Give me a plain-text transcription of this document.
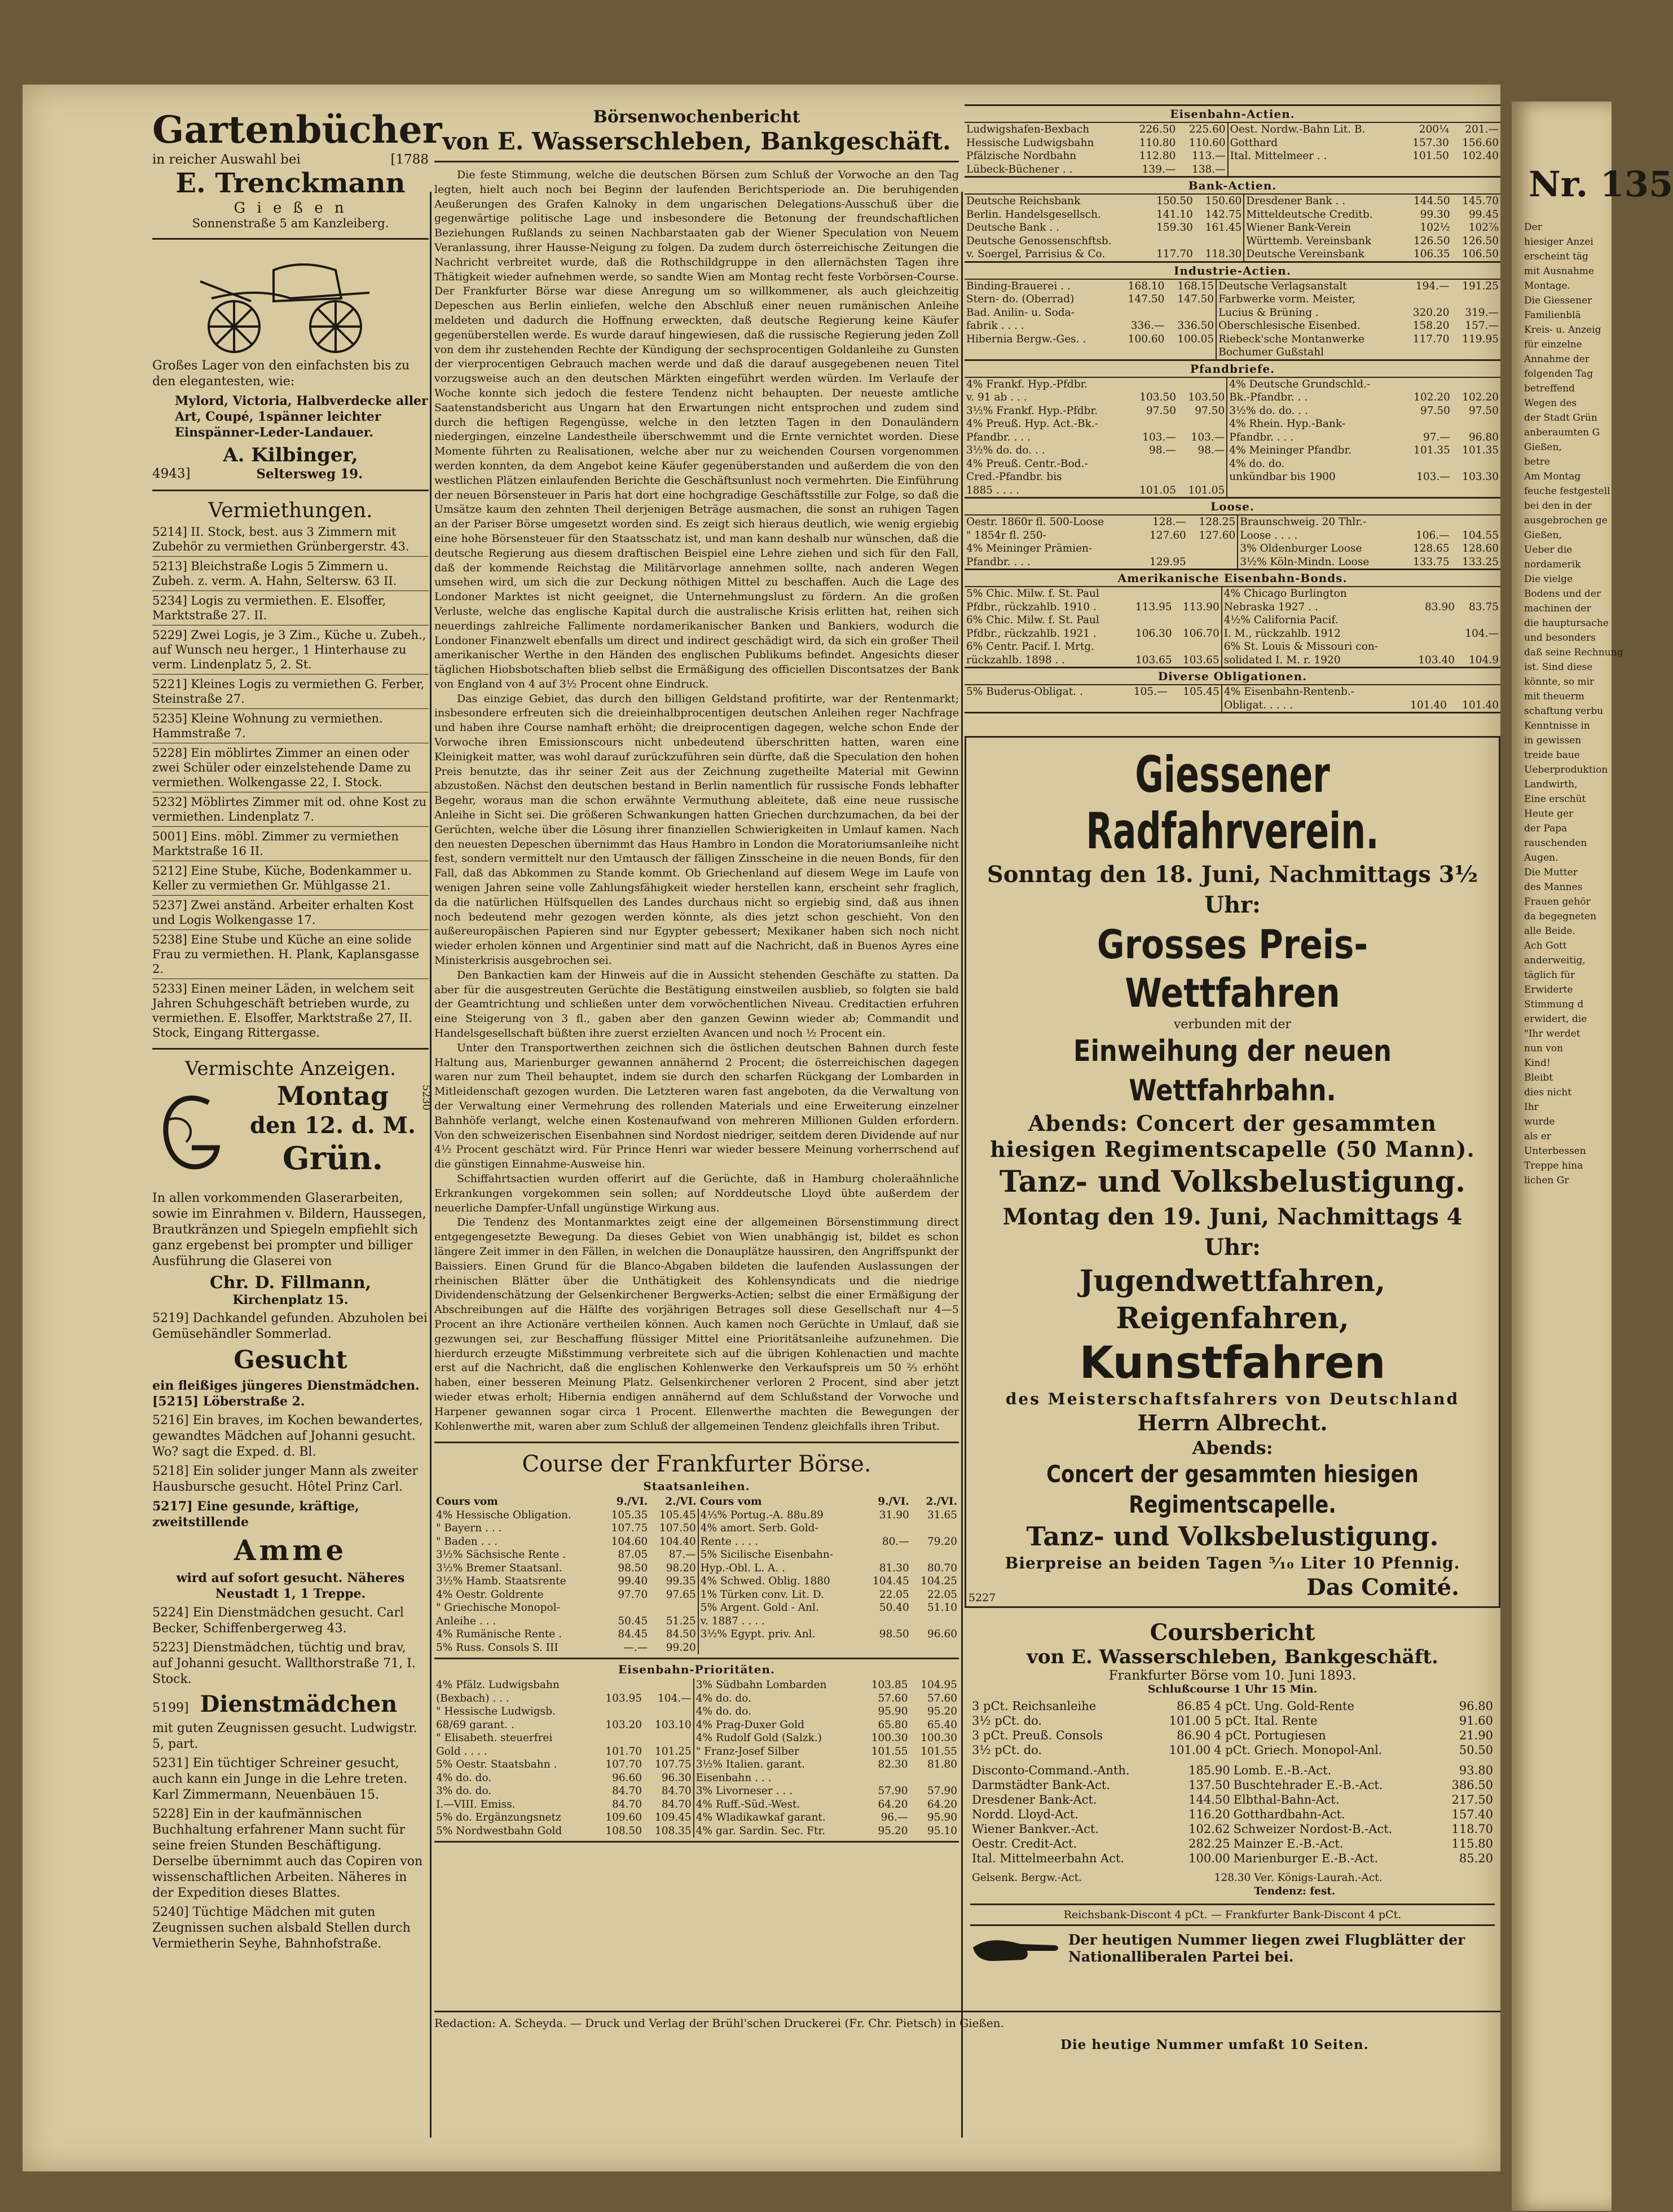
Gartenbücher
in reicher Auswahl bei	[1788
E. Trenckmann
G i e ß e n
Sonnenstraße 5 am Kanzleiberg.

Großes Lager von den einfachsten bis zu den elegantesten, wie:

Mylord, Victoria, Halbverdecke aller Art, Coupé, 1spänner leichter Einspänner-Leder-Landauer.

A. Kilbinger,
4943]	Seltersweg 19.
Vermiethungen.

5214] II. Stock, best. aus 3 Zimmern mit Zubehör zu vermiethen Grünbergerstr. 43.

5213] Bleichstraße Logis 5 Zimmern u. Zubeh. z. verm. A. Hahn, Seltersw. 63 II.

5234] Logis zu vermiethen. E. Elsoffer, Marktstraße 27. II.

5229] Zwei Logis, je 3 Zim., Küche u. Zubeh., auf Wunsch neu herger., 1 Hinterhause zu verm. Lindenplatz 5, 2. St.

5221] Kleines Logis zu vermiethen G. Ferber, Steinstraße 27.

5235] Kleine Wohnung zu vermiethen. Hammstraße 7.

5228] Ein möblirtes Zimmer an einen oder zwei Schüler oder einzelstehende Dame zu vermiethen. Wolkengasse 22, I. Stock.

5232] Möblirtes Zimmer mit od. ohne Kost zu vermiethen. Lindenplatz 7.

5001] Eins. möbl. Zimmer zu vermiethen Marktstraße 16 II.

5212] Eine Stube, Küche, Bodenkammer u. Keller zu vermiethen Gr. Mühlgasse 21.

5237] Zwei anständ. Arbeiter erhalten Kost und Logis Wolkengasse 17.

5238] Eine Stube und Küche an eine solide Frau zu vermiethen. H. Plank, Kaplansgasse 2.

5233] Einen meiner Läden, in welchem seit Jahren Schuhgeschäft betrieben wurde, zu vermiethen. E. Elsoffer, Marktstraße 27, II. Stock, Eingang Rittergasse.

Vermischte Anzeigen.
Montag
den 12. d. M.
Grün.
5230

In allen vorkommenden Glaserarbeiten, sowie im Einrahmen v. Bildern, Haussegen, Brautkränzen und Spiegeln empfiehlt sich ganz ergebenst bei prompter und billiger Ausführung die Glaserei von

Chr. D. Fillmann,
Kirchenplatz 15.

5219] Dachkandel gefunden. Abzuholen bei Gemüsehändler Sommerlad.

Gesucht

ein fleißiges jüngeres Dienstmädchen. [5215] Löberstraße 2.

5216] Ein braves, im Kochen bewandertes, gewandtes Mädchen auf Johanni gesucht. Wo? sagt die Exped. d. Bl.

5218] Ein solider junger Mann als zweiter Hausbursche gesucht. Hôtel Prinz Carl.

5217] Eine gesunde, kräftige, zweitstillende

Amme

wird auf sofort gesucht. Näheres Neustadt 1, 1 Treppe.

5224] Ein Dienstmädchen gesucht. Carl Becker, Schiffenbergerweg 43.

5223] Dienstmädchen, tüchtig und brav, auf Johanni gesucht. Wallthorstraße 71, I. Stock.

5199] Dienstmädchen

mit guten Zeugnissen gesucht. Ludwigstr. 5, part.

5231] Ein tüchtiger Schreiner gesucht, auch kann ein Junge in die Lehre treten. Karl Zimmermann, Neuenbäuen 15.

5228] Ein in der kaufmännischen Buchhaltung erfahrener Mann sucht für seine freien Stunden Beschäftigung. Derselbe übernimmt auch das Copiren von wissenschaftlichen Arbeiten. Näheres in der Expedition dieses Blattes.

5240] Tüchtige Mädchen mit guten Zeugnissen suchen alsbald Stellen durch Vermietherin Seyhe, Bahnhofstraße.

Börsenwochenbericht
von E. Wasserschleben, Bankgeschäft.

Die feste Stimmung, welche die deutschen Börsen zum Schluß der Vorwoche an den Tag legten, hielt auch noch bei Beginn der laufenden Berichtsperiode an. Die beruhigenden Aeußerungen des Grafen Kalnoky in dem ungarischen Delegations-Ausschuß über die gegenwärtige politische Lage und insbesondere die Betonung der freundschaftlichen Beziehungen Rußlands zu seinen Nachbarstaaten gab der Wiener Speculation von Neuem Veranlassung, ihrer Hausse-Neigung zu folgen. Da zudem durch österreichische Zeitungen die Nachricht verbreitet wurde, daß die Rothschildgruppe in den allernächsten Tagen ihre Thätigkeit wieder aufnehmen werde, so sandte Wien am Montag recht feste Vorbörsen-Course. Der Frankfurter Börse war diese Anregung um so willkommener, als auch gleichzeitig Depeschen aus Berlin einliefen, welche den Abschluß einer neuen rumänischen Anleihe meldeten und dadurch die Hoffnung erweckten, daß deutsche Regierung keine Käufer gegenüberstellen werde. Es wurde darauf hingewiesen, daß die russische Regierung jeden Zoll von dem ihr zustehenden Rechte der Kündigung der sechsprocentigen Goldanleihe zu Gunsten der vierprocentigen Gebrauch machen werde und daß die darauf ausgegebenen neuen Titel vorzugsweise auch an den deutschen Märkten eingeführt werden würden. Im Verlaufe der Woche konnte sich jedoch die festere Tendenz nicht behaupten. Der neueste amtliche Saatenstandsbericht aus Ungarn hat den Erwartungen nicht entsprochen und zudem sind durch die heftigen Regengüsse, welche in den letzten Tagen in den Donauländern niedergingen, einzelne Landestheile überschwemmt und die Ernte vernichtet worden. Diese Momente führten zu Realisationen, welche aber nur zu weichenden Coursen vorgenommen werden konnten, da dem Angebot keine Käufer gegenüberstanden und außerdem die von den westlichen Plätzen einlaufenden Berichte die Geschäftsunlust noch vermehrten. Die Einführung der neuen Börsensteuer in Paris hat dort eine hochgradige Geschäftsstille zur Folge, so daß die Umsätze kaum den zehnten Theil derjenigen Beträge ausmachen, die sonst an ruhigen Tagen an der Pariser Börse umgesetzt worden sind. Es zeigt sich hieraus deutlich, wie wenig ergiebig eine hohe Börsensteuer für den Staatsschatz ist, und man kann deshalb nur wünschen, daß die deutsche Regierung aus diesem draftischen Beispiel eine Lehre ziehen und sich für den Fall, daß der kommende Reichstag die Militärvorlage annehmen sollte, nach anderen Wegen umsehen wird, um sich die zur Deckung nöthigen Mittel zu beschaffen. Auch die Lage des Londoner Marktes ist nicht geeignet, die Unternehmungslust zu fördern. An die großen Verluste, welche das englische Kapital durch die australische Krisis erlitten hat, reihen sich neuerdings zahlreiche Fallimente nordamerikanischer Banken und Bankiers, wodurch die Londoner Finanzwelt ebenfalls um direct und indirect geschädigt wird, da sich ein großer Theil amerikanischer Werthe in den Händen des englischen Publikums befindet. Angesichts dieser täglichen Hiobsbotschaften blieb selbst die Ermäßigung des officiellen Discontsatzes der Bank von England von 4 auf 3½ Procent ohne Eindruck.

Das einzige Gebiet, das durch den billigen Geldstand profitirte, war der Rentenmarkt; insbesondere erfreuten sich die dreieinhalbprocentigen deutschen Anleihen reger Nachfrage und haben ihre Course namhaft erhöht; die dreiprocentigen dagegen, welche schon Ende der Vorwoche ihren Emissionscours nicht unbedeutend überschritten hatten, waren eine Kleinigkeit matter, was wohl darauf zurückzuführen sein dürfte, daß die Speculation den hohen Preis benutzte, das ihr seiner Zeit aus der Zeichnung zugetheilte Material mit Gewinn abzustoßen. Nächst den deutschen bestand in Berlin namentlich für russische Fonds lebhafter Begehr, woraus man die schon erwähnte Vermuthung ableitete, daß eine neue russische Anleihe in Sicht sei. Die größeren Schwankungen hatten Griechen durchzumachen, da bei der Gerüchten, welche über die Lösung ihrer finanziellen Schwierigkeiten in Umlauf kamen. Nach den neuesten Depeschen übernimmt das Haus Hambro in London die Moratoriumsanleihe nicht fest, sondern vermittelt nur den Umtausch der fälligen Zinsscheine in die neuen Bonds, für den Fall, daß das Abkommen zu Stande kommt. Ob Griechenland auf diesem Wege im Laufe von wenigen Jahren seine volle Zahlungsfähigkeit wieder herstellen kann, erscheint sehr fraglich, da die natürlichen Hülfsquellen des Landes durchaus nicht so ergiebig sind, daß aus ihnen noch bedeutend mehr gezogen werden könnte, als dies jetzt schon geschieht. Von den außereuropäischen Papieren sind nur Egypter gebessert; Mexikaner haben sich noch nicht wieder erholen können und Argentinier sind matt auf die Nachricht, daß in Buenos Ayres eine Ministerkrisis ausgebrochen sei.

Den Bankactien kam der Hinweis auf die in Aussicht stehenden Geschäfte zu statten. Da aber für die ausgestreuten Gerüchte die Bestätigung einstweilen ausblieb, so folgten sie bald der Geamtrichtung und schließen unter dem vorwöchentlichen Niveau. Creditactien erfuhren eine Steigerung von 3 fl., gaben aber den ganzen Gewinn wieder ab; Commandit und Handelsgesellschaft büßten ihre zuerst erzielten Avancen und noch ½ Procent ein.

Unter den Transportwerthen zeichnen sich die östlichen deutschen Bahnen durch feste Haltung aus, Marienburger gewannen annähernd 2 Procent; die österreichischen dagegen waren nur zum Theil behauptet, indem sie durch den scharfen Rückgang der Lombarden in Mitleidenschaft gezogen wurden. Die Letzteren waren fast angeboten, da die Verwaltung von der Verwaltung einer Vermehrung des rollenden Materials und eine Erweiterung einzelner Bahnhöfe verlangt, welche einen Kostenaufwand von mehreren Millionen Gulden erfordern. Von den schweizerischen Eisenbahnen sind Nordost niedriger, seitdem deren Dividende auf nur 4½ Procent geschätzt wird. Für Prince Henri war wieder bessere Meinung vorherrschend auf die günstigen Einnahme-Ausweise hin.

Schiffahrtsactien wurden offerirt auf die Gerüchte, daß in Hamburg choleraähnliche Erkrankungen vorgekommen sein sollen; auf Norddeutsche Lloyd übte außerdem der neuerliche Dampfer-Unfall ungünstige Wirkung aus.

Die Tendenz des Montanmarktes zeigt eine der allgemeinen Börsenstimmung direct entgegengesetzte Bewegung. Da dieses Gebiet von Wien unabhängig ist, bildet es schon längere Zeit immer in den Fällen, in welchen die Donauplätze haussiren, den Angriffspunkt der Baissiers. Einen Grund für die Blanco-Abgaben bildeten die laufenden Auslassungen der rheinischen Blätter über die Unthätigkeit des Kohlensyndicats und die niedrige Dividendenschätzung der Gelsenkirchener Bergwerks-Actien; selbst die einer Ermäßigung der Abschreibungen auf die Hälfte des vorjährigen Betrages soll diese Gesellschaft nur 4—5 Procent an ihre Actionäre vertheilen können. Auch kamen noch Gerüchte in Umlauf, daß sie gezwungen sei, zur Beschaffung flüssiger Mittel eine Prioritätsanleihe aufzunehmen. Die hierdurch erzeugte Mißstimmung verbreitete sich auf die übrigen Kohlenactien und machte erst auf die Nachricht, daß die englischen Kohlenwerke den Verkaufspreis um 50 ⅔ erhöht haben, einer besseren Meinung Platz. Gelsenkirchener verloren 2 Procent, sind aber jetzt wieder etwas erholt; Hibernia endigen annähernd auf dem Schlußstand der Vorwoche und Harpener gewannen sogar circa 1 Procent. Ellenwerthe machten die Bewegungen der Kohlenwerthe mit, waren aber zum Schluß der allgemeinen Tendenz gleichfalls ihren Tribut.

Course der Frankfurter Börse.
Staatsanleihen.
Cours vom	9./VI.	2./VI.	Cours vom	9./VI.	2./VI.
4% Hessische Obligation.	105.35	105.45	4⅓% Portug.-A. 88u.89	31.90	31.65
" Bayern . . .	107.75	107.50	4% amort. Serb. Gold-		
" Baden . . .	104.60	104.40	Rente . . . .	80.—	79.20
3½% Sächsische Rente .	87.05	87.—	5% Sicilische Eisenbahn-		
3½% Bremer Staatsanl.	98.50	98.20	Hyp.-Obl. L. A. .	81.30	80.70
3½% Hamb. Staatsrente	99.40	99.35	4% Schwed. Oblig. 1880	104.45	104.25
4% Oestr. Goldrente	97.70	97.65	1% Türken conv. Lit. D.	22.05	22.05
" Griechische Monopol-			5% Argent. Gold - Anl.	50.40	51.10
Anleihe . . .	50.45	51.25	v. 1887 . . . .		
4% Rumänische Rente .	84.45	84.50	3½% Egypt. priv. Anl.	98.50	96.60
5% Russ. Consols S. III	—.—	99.20			
Eisenbahn-Prioritäten.
4% Pfälz. Ludwigsbahn			3% Südbahn Lombarden	103.85	104.95
(Bexbach) . . .	103.95	104.—	4% do. do.	57.60	57.60
" Hessische Ludwigsb.			4% do. do.	95.90	95.20
68/69 garant. .	103.20	103.10	4% Prag-Duxer Gold	65.80	65.40
" Elisabeth. steuerfrei			4% Rudolf Gold (Salzk.)	100.30	100.30
Gold . . . .	101.70	101.25	" Franz-Josef Silber	101.55	101.55
5% Oestr. Staatsbahn .	107.70	107.75	3½% Italien. garant.	82.30	81.80
4% do. do.	96.60	96.30	Eisenbahn . . .		
3% do. do.	84.70	84.70	3% Livorneser . . .	57.90	57.90
I.—VIII. Emiss.	84.70	84.70	4% Ruff.-Süd.-West.	64.20	64.20
5% do. Ergänzungsnetz	109.60	109.45	4% Wladikawkaf garant.	96.—	95.90
5% Nordwestbahn Gold	108.50	108.35	4% gar. Sardin. Sec. Ftr.	95.20	95.10
Eisenbahn-Actien.
Ludwigshafen-Bexbach	226.50	225.60	Oest. Nordw.-Bahn Lit. B.	200¼	201.—
Hessische Ludwigsbahn	110.80	110.60	Gotthard	157.30	156.60
Pfälzische Nordbahn	112.80	113.—	Ital. Mittelmeer . .	101.50	102.40
Lübeck-Büchener . .	139.—	138.—			
Bank-Actien.
Deutsche Reichsbank	150.50	150.60	Dresdener Bank . .	144.50	145.70
Berlin. Handelsgesellsch.	141.10	142.75	Mitteldeutsche Creditb.	99.30	99.45
Deutsche Bank . .	159.30	161.45	Wiener Bank-Verein	102½	102⅞
Deutsche Genossenschftsb.			Württemb. Vereinsbank	126.50	126.50
v. Soergel, Parrisius & Co.	117.70	118.30	Deutsche Vereinsbank	106.35	106.50
Industrie-Actien.
Binding-Brauerei . .	168.10	168.15	Deutsche Verlagsanstalt	194.—	191.25
Stern- do. (Oberrad)	147.50	147.50	Farbwerke vorm. Meister,		
Bad. Anilin- u. Soda-			Lucius & Brüning .	320.20	319.—
fabrik . . . .	336.—	336.50	Oberschlesische Eisenbed.	158.20	157.—
Hibernia Bergw.-Ges. .	100.60	100.05	Riebeck'sche Montanwerke	117.70	119.95
			Bochumer Gußstahl		
Pfandbriefe.
4% Frankf. Hyp.-Pfdbr.			4% Deutsche Grundschld.-		
v. 91 ab . . .	103.50	103.50	Bk.-Pfandbr. . .	102.20	102.20
3½% Frankf. Hyp.-Pfdbr.	97.50	97.50	3½% do. do. . .	97.50	97.50
4% Preuß. Hyp. Act.-Bk.-			4% Rhein. Hyp.-Bank-		
Pfandbr. . . .	103.—	103.—	Pfandbr. . . .	97.—	96.80
3½% do. do. . .	98.—	98.—	4% Meininger Pfandbr.	101.35	101.35
4% Preuß. Centr.-Bod.-			4% do. do.		
Cred.-Pfandbr. bis			unkündbar bis 1900	103.—	103.30
1885 . . . .	101.05	101.05			
Loose.
Oestr. 1860r fl. 500-Loose	128.—	128.25	Braunschweig. 20 Thlr.-		
" 1854r fl. 250-	127.60	127.60	Loose . . . .	106.—	104.55
4% Meininger Prämien-			3% Oldenburger Loose	128.65	128.60
Pfandbr. . . .	129.95		3½% Köln-Mindn. Loose	133.75	133.25
Amerikanische Eisenbahn-Bonds.
5% Chic. Milw. f. St. Paul			4% Chicago Burlington		
Pfdbr., rückzahlb. 1910 .	113.95	113.90	Nebraska 1927 . .	83.90	83.75
6% Chic. Milw. f. St. Paul			4½% California Pacif.		
Pfdbr., rückzahlb. 1921 .	106.30	106.70	I. M., rückzahlb. 1912		104.—
6% Centr. Pacif. I. Mrtg.			6% St. Louis & Missouri con-		
rückzahlb. 1898 . .	103.65	103.65	solidated I. M. r. 1920	103.40	104.9
Diverse Obligationen.
5% Buderus-Obligat. .	105.—	105.45	4% Eisenbahn-Rentenb.-		
			Obligat. . . . .	101.40	101.40
Giessener Radfahrverein.
Sonntag den 18. Juni, Nachmittags 3½ Uhr:
Grosses Preis-Wettfahren
verbunden mit der
Einweihung der neuen Wettfahrbahn.
Abends: Concert der gesammten hiesigen Regimentscapelle (50 Mann).
Tanz- und Volksbelustigung.
Montag den 19. Juni, Nachmittags 4 Uhr:
Jugendwettfahren, Reigenfahren,
Kunstfahren
des Meisterschaftsfahrers von Deutschland
Herrn Albrecht.
Abends:
Concert der gesammten hiesigen Regimentscapelle.
Tanz- und Volksbelustigung.
Bierpreise an beiden Tagen ⁵⁄₁₀ Liter 10 Pfennig.
Das Comité.
5227
Coursbericht
von E. Wasserschleben, Bankgeschäft.
Frankfurter Börse vom 10. Juni 1893.
Schlußcourse 1 Uhr 15 Min.
3 pCt. Reichsanleihe	86.85	4 pCt. Ung. Gold-Rente	96.80
3½ pCt. do.	101.00	5 pCt. Ital. Rente	91.60
3 pCt. Preuß. Consols	86.90	4 pCt. Portugiesen	21.90
3½ pCt. do.	101.00	4 pCt. Griech. Monopol-Anl.	50.50
Disconto-Command.-Anth.	185.90	Lomb. E.-B.-Act.	93.80
Darmstädter Bank-Act.	137.50	Buschtehrader E.-B.-Act.	386.50
Dresdener Bank-Act.	144.50	Elbthal-Bahn-Act.	217.50
Nordd. Lloyd-Act.	116.20	Gotthardbahn-Act.	157.40
Wiener Bankver.-Act.	102.62	Schweizer Nordost-B.-Act.	118.70
Oestr. Credit-Act.	282.25	Mainzer E.-B.-Act.	115.80
Ital. Mittelmeerbahn Act.	100.00	Marienburger E.-B.-Act.	85.20
Gelsenk. Bergw.-Act.	128.30	Ver. Königs-Laurah.-Act.
		Tendenz: fest.
Reichsbank-Discont 4 pCt. — Frankfurter Bank-Discont 4 pCt.
Der heutigen Nummer liegen zwei Flugblätter der Nationalliberalen Partei bei.
Redaction: A. Scheyda. — Druck und Verlag der Brühl'schen Druckerei (Fr. Chr. Pietsch) in Gießen.
Die heutige Nummer umfaßt 10 Seiten.
Nr. 135
Der
hiesiger Anzei
erscheint täg
mit Ausnahme
Montage.
Die Giessener
Familienblä
Kreis- u. Anzeig
für einzelne
Annahme der
folgenden Tag
betreffend
Wegen des
der Stadt Grün
anberaumten G
Gießen,
betre
Am Montag
feuche festgestell
bei den in der
ausgebrochen ge
Gießen,
Ueber die
nordamerik
Die vielge
Bodens und der
machinen der
die hauptursache
und besonders
daß seine Rechnung
ist. Sind diese
könnte, so mir
mit theuerm
schaftung verbu
Kenntnisse in
in gewissen
treide baue
Ueberproduktion
Landwirth,
Eine erschüt
Heute ger
der Papa
rauschenden
Augen.
Die Mutter
des Mannes
Frauen gehör
da begegneten
alle Beide.
Ach Gott
anderweitig,
täglich für
Erwiderte
Stimmung d
erwidert, die
"Ihr werdet
nun von
Kind!
Bleibt
dies nicht
Ihr
wurde
als er
Unterbessen
Treppe hina
lichen Gr
